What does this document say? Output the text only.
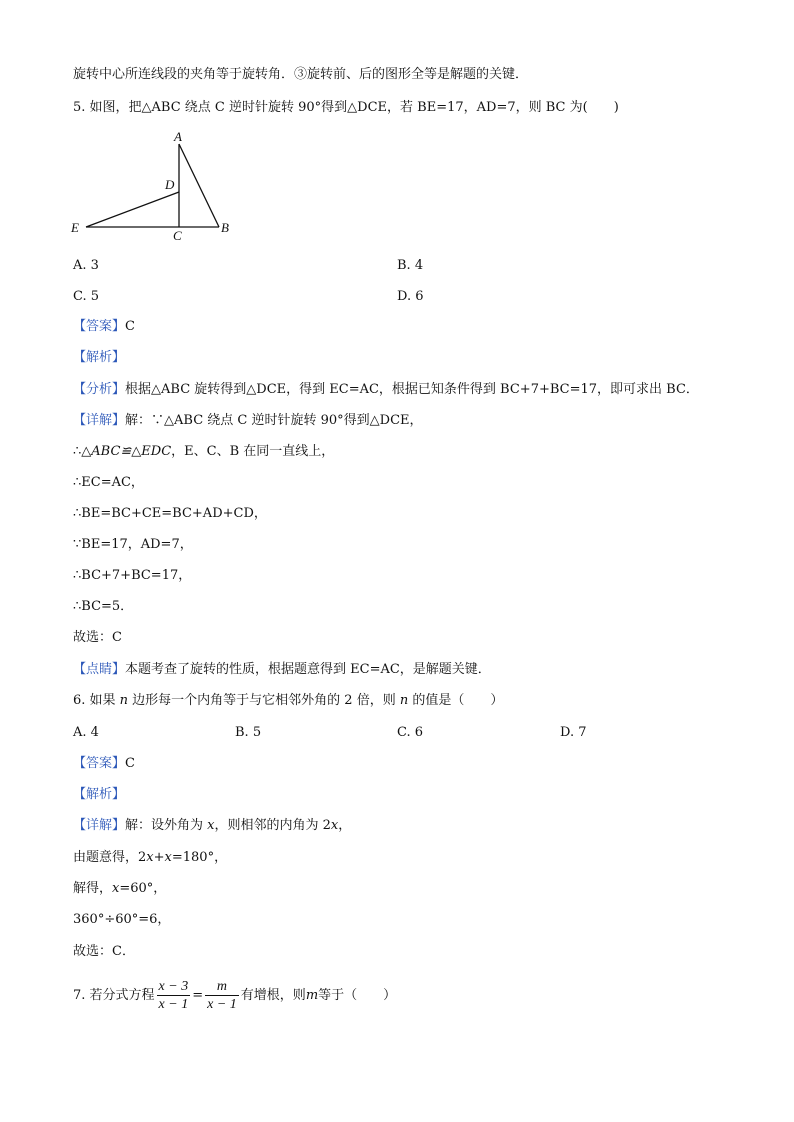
旋转中心所连线段的夹角等于旋转角．③旋转前、后的图形全等是解题的关键．
5. 如图，把△ABC 绕点 C 逆时针旋转 90°得到△DCE，若 BE=17，AD=7，则 BC 为(　　)
A
D
E
C
B
A. 3	B. 4
C. 5	D. 6
【答案】C
【解析】
【分析】根据△ABC 旋转得到△DCE，得到 EC=AC，根据已知条件得到 BC+7+BC=17，即可求出 BC．
【详解】解：∵△ABC 绕点 C 逆时针旋转 90°得到△DCE，
∴△ABC≌△EDC，E、C、B 在同一直线上，
∴EC=AC，
∴BE=BC+CE=BC+AD+CD，
∵BE=17，AD=7，
∴BC+7+BC=17，
∴BC=5．
故选：C
【点睛】本题考查了旋转的性质，根据题意得到 EC=AC，是解题关键．
6. 如果 n 边形每一个内角等于与它相邻外角的 2 倍，则 n 的值是（　　）
A. 4	B. 5	C. 6	D. 7
【答案】C
【解析】
【详解】解：设外角为 x，则相邻的内角为 2x，
由题意得，2x+x=180°，
解得，x=60°，
360°÷60°=6，
故选：C．
7. 若分式方程 $\frac{x - 3}{x - 1} = \frac{m}{x - 1}$ 有增根，则m等于（　　）
